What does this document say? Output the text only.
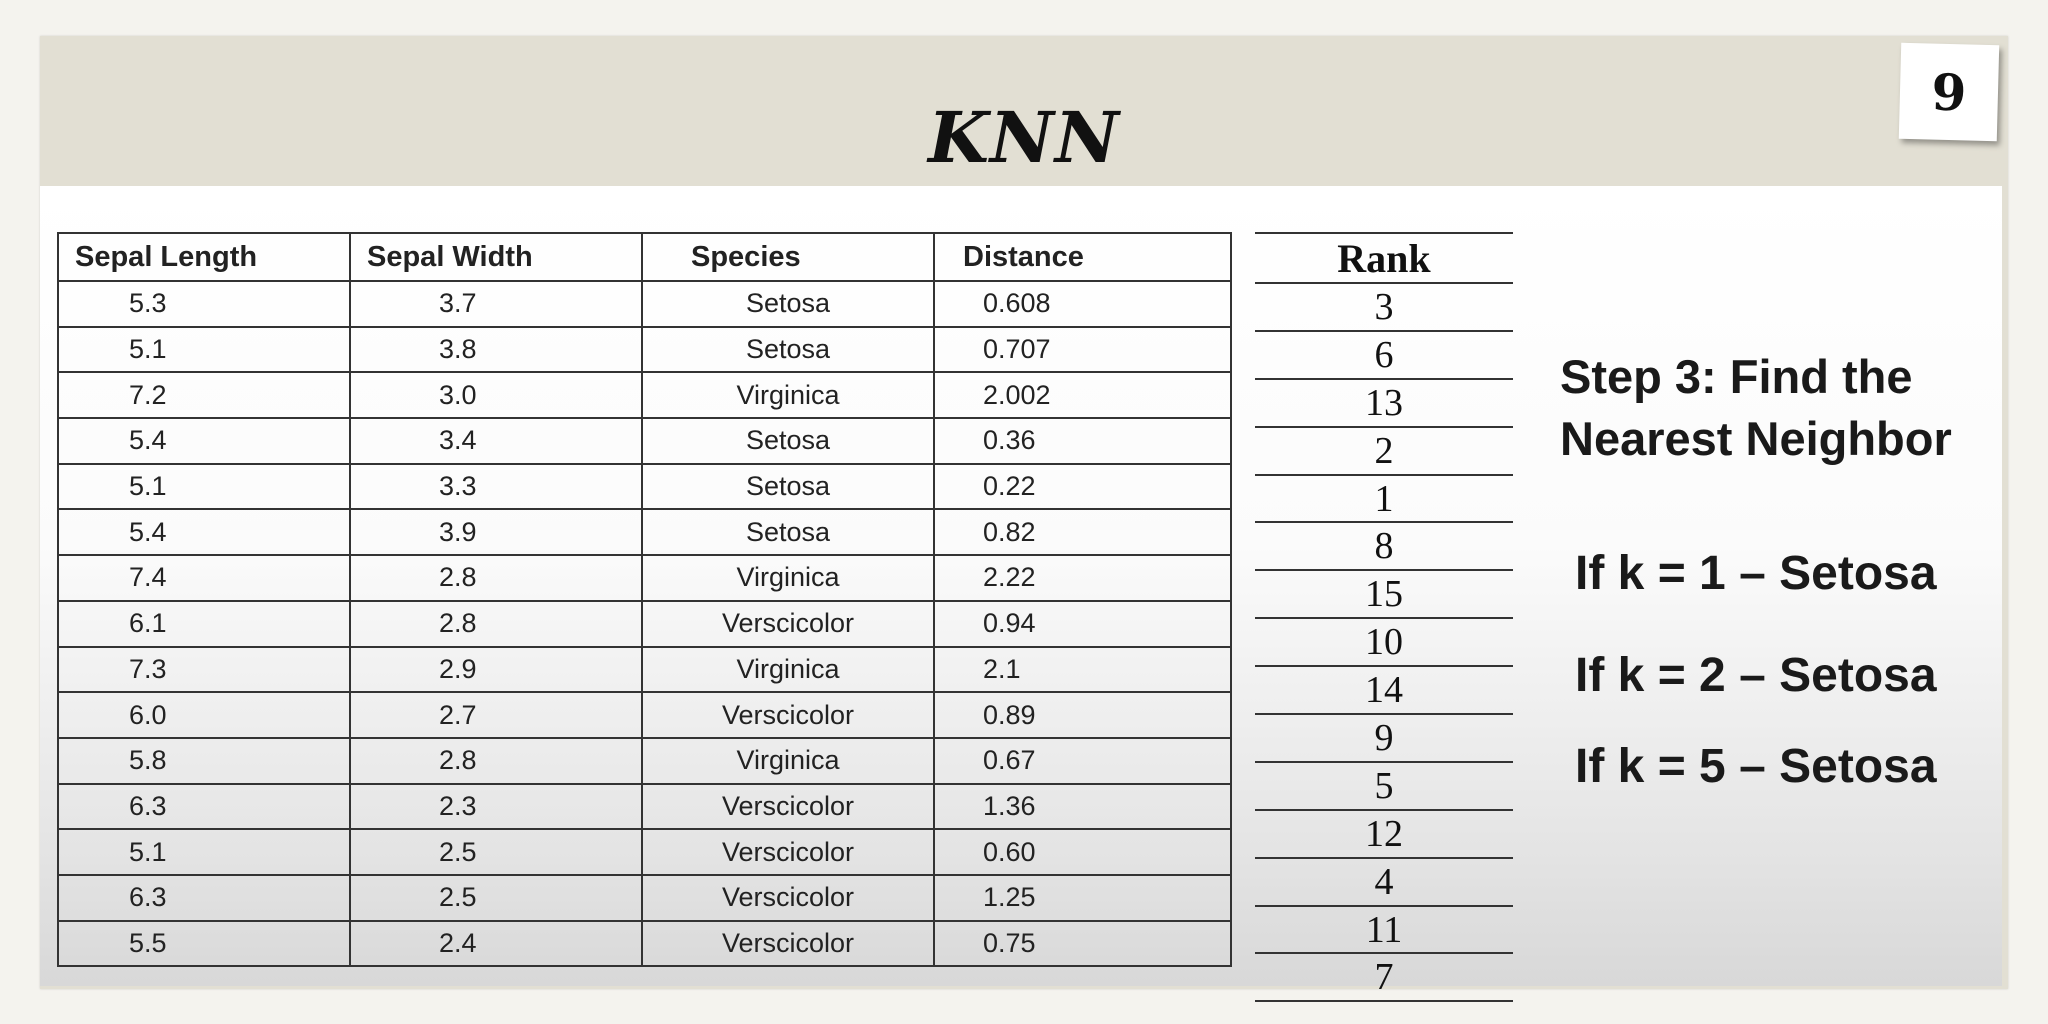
KNN
9
Sepal Length	Sepal Width	Species	Distance
5.3	3.7	Setosa	0.608
5.1	3.8	Setosa	0.707
7.2	3.0	Virginica	2.002
5.4	3.4	Setosa	0.36
5.1	3.3	Setosa	0.22
5.4	3.9	Setosa	0.82
7.4	2.8	Virginica	2.22
6.1	2.8	Verscicolor	0.94
7.3	2.9	Virginica	2.1
6.0	2.7	Verscicolor	0.89
5.8	2.8	Virginica	0.67
6.3	2.3	Verscicolor	1.36
5.1	2.5	Verscicolor	0.60
6.3	2.5	Verscicolor	1.25
5.5	2.4	Verscicolor	0.75
Rank
3
6
13
2
1
8
15
10
14
9
5
12
4
11
7
Step 3: Find the
Nearest Neighbor
If k = 1 – Setosa
If k = 2 – Setosa
If k = 5 – Setosa
